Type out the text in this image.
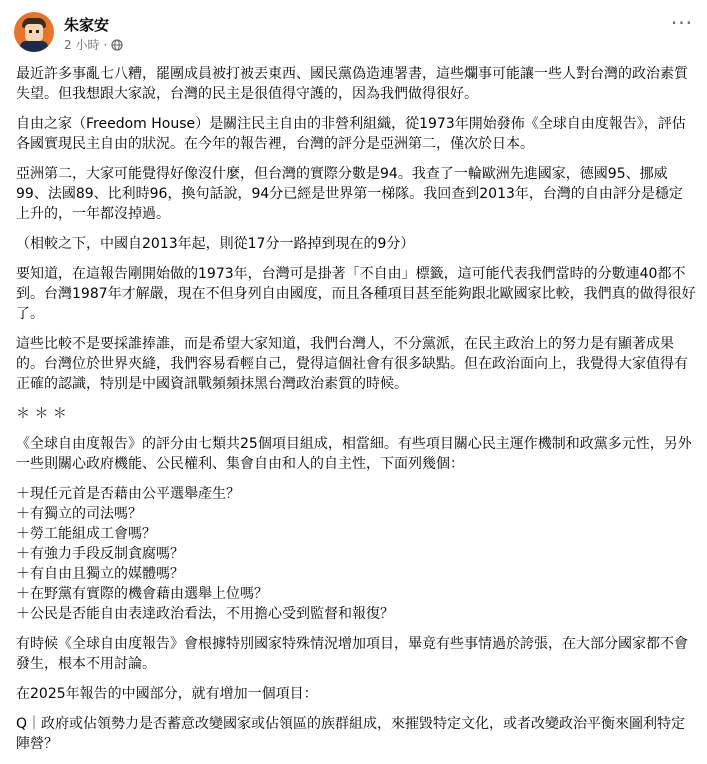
朱家安
2 小時 ·
···

最近許多事亂七八糟，罷團成員被打被丟東西、國民黨偽造連署書，這些爛事可能讓一些人對台灣的政治素質失望。但我想跟大家說，台灣的民主是很值得守護的，因為我們做得很好。

自由之家（Freedom House）是關注民主自由的非營利組織，從1973年開始發佈《全球自由度報告》，評估各國實現民主自由的狀況。在今年的報告裡，台灣的評分是亞洲第二，僅次於日本。

亞洲第二，大家可能覺得好像沒什麼，但台灣的實際分數是94。我查了一輪歐洲先進國家，德國95、挪威99、法國89、比利時96，換句話說，94分已經是世界第一梯隊。我回查到2013年，台灣的自由評分是穩定上升的，一年都沒掉過。

（相較之下，中國自2013年起，則從17分一路掉到現在的9分）

要知道，在這報告剛開始做的1973年，台灣可是掛著「不自由」標籤，這可能代表我們當時的分數連40都不到。台灣1987年才解嚴，現在不但身列自由國度，而且各種項目甚至能夠跟北歐國家比較，我們真的做得很好了。

這些比較不是要採誰捧誰，而是希望大家知道，我們台灣人，不分黨派，在民主政治上的努力是有顯著成果的。台灣位於世界夾縫，我們容易看輕自己，覺得這個社會有很多缺點。但在政治面向上，我覺得大家值得有正確的認識，特別是中國資訊戰頻頻抹黑台灣政治素質的時候。

＊ ＊ ＊

《全球自由度報告》的評分由七類共25個項目組成，相當細。有些項目關心民主運作機制和政黨多元性，另外一些則關心政府機能、公民權利、集會自由和人的自主性，下面列幾個：

＋現任元首是否藉由公平選舉產生？
＋有獨立的司法嗎？
＋勞工能組成工會嗎？
＋有強力手段反制貪腐嗎？
＋有自由且獨立的媒體嗎？
＋在野黨有實際的機會藉由選舉上位嗎？
＋公民是否能自由表達政治看法，不用擔心受到監督和報復？

有時候《全球自由度報告》會根據特別國家特殊情況增加項目，畢竟有些事情過於誇張，在大部分國家都不會發生，根本不用討論。

在2025年報告的中國部分，就有增加一個項目：

Q｜政府或佔領勢力是否蓄意改變國家或佔領區的族群組成，來摧毀特定文化，或者改變政治平衡來圖利特定陣營？
